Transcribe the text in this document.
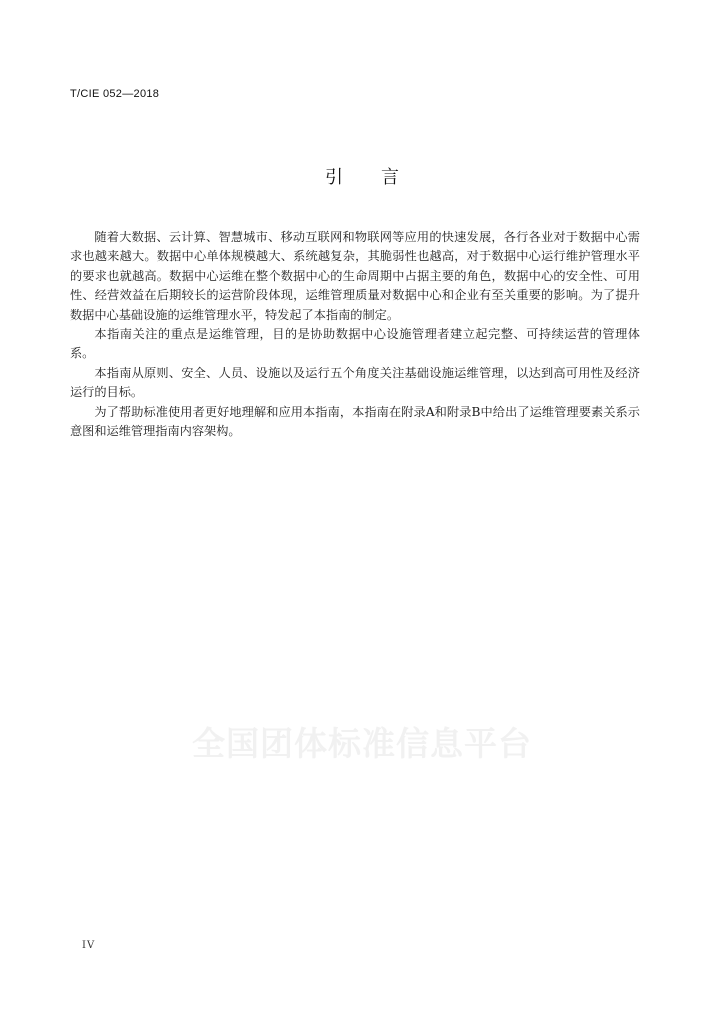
T/CIE 052—2018
引言

随着大数据、云计算、智慧城市、移动互联网和物联网等应用的快速发展，各行各业对于数据中心需求也越来越大。数据中心单体规模越大、系统越复杂，其脆弱性也越高，对于数据中心运行维护管理水平的要求也就越高。数据中心运维在整个数据中心的生命周期中占据主要的角色，数据中心的安全性、可用性、经营效益在后期较长的运营阶段体现，运维管理质量对数据中心和企业有至关重要的影响。为了提升数据中心基础设施的运维管理水平，特发起了本指南的制定。

本指南关注的重点是运维管理，目的是协助数据中心设施管理者建立起完整、可持续运营的管理体系。

本指南从原则、安全、人员、设施以及运行五个角度关注基础设施运维管理，以达到高可用性及经济运行的目标。

为了帮助标准使用者更好地理解和应用本指南，本指南在附录A和附录B中给出了运维管理要素关系示意图和运维管理指南内容架构。

全国团体标准信息平台
IV
